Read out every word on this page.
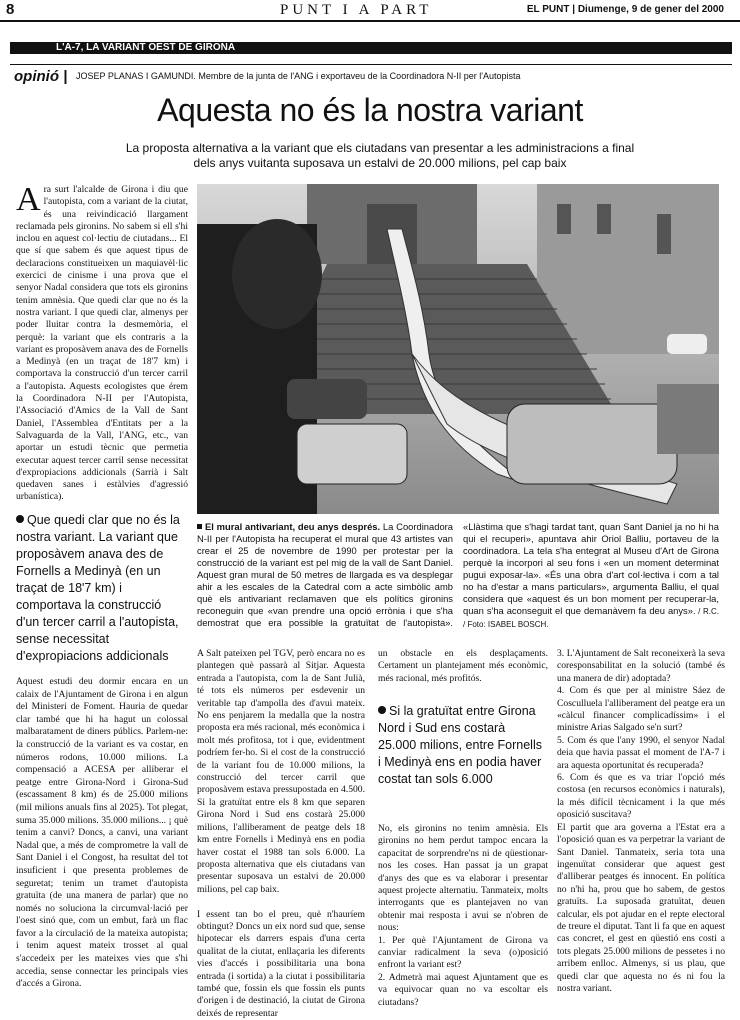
8	PUNT I A PART	EL PUNT | Diumenge, 9 de gener del 2000
L'A-7, LA VARIANT OEST DE GIRONA
opinió | JOSEP PLANAS I GAMUNDI. Membre de la junta de l'ANG i exportaveu de la Coordinadora N-II per l'Autopista
Aquesta no és la nostra variant
La proposta alternativa a la variant que els ciutadans van presentar a les administracions a final dels anys vuitanta suposava un estalvi de 20.000 milions, pel cap baix

Ara surt l'alcalde de Girona i diu que l'autopista, com a variant de la ciutat, és una reivindicació llargament reclamada pels gironins. No sabem si ell s'hi inclou en aquest col·lectiu de ciutadans... El que sí que sabem és que aquest tipus de declaracions constitueixen un maquiavèl·lic exercici de cinisme i una prova que el senyor Nadal considera que tots els gironins tenim amnèsia. Que quedi clar que no és la nostra variant. I que quedi clar, almenys per poder lluitar contra la desmemòria, el perquè: la variant que els contraris a la variant es proposàvem anava des de Fornells a Medinyà (en un traçat de 18'7 km) i comportava la construcció d'un tercer carril a l'autopista. Aquests ecologistes que érem la Coordinadora N-II per l'Autopista, l'Associació d'Amics de la Vall de Sant Daniel, l'Assemblea d'Entitats per a la Salvaguarda de la Vall, l'ANG, etc., van aportar un estudi tècnic que permetia executar aquest tercer carril sense necessitat d'expropiacions addicionals (Sarrià i Salt quedaven sanes i estàlvies d'agressió urbanística).

Que quedi clar que no és la nostra variant. La variant que proposàvem anava des de Fornells a Medinyà (en un traçat de 18'7 km) i comportava la construcció d'un tercer carril a l'autopista, sense necessitat d'expropiacions addicionals

Aquest estudi deu dormir encara en un calaix de l'Ajuntament de Girona i en algun del Ministeri de Foment. Hauria de quedar clar també que hi ha hagut un colossal malbaratament de diners públics. Parlem-ne: la construcció de la variant es va costar, en números rodons, 10.000 milions. La compensació a ACESA per alliberar el peatge entre Girona-Nord i Girona-Sud (escassament 8 km) és de 25.000 milions (mil milions anuals fins al 2025). Tot plegat, suma 35.000 milions. 35.000 milions... ¡ què tenim a canvi? Doncs, a canvi, una variant Nadal que, a més de comprometre la vall de Sant Daniel i el Congost, ha resultat del tot insuficient i que presenta problemes de seguretat; tenim un tramet d'autopista gratuïta (de una manera de parlar) que no només no soluciona la circumval·lació per l'oest sinó que, com un embut, farà un flac favor a la circulació de la mateixa autopista; i tenim aquest mateix trosset al qual s'accedeix per les mateixes vies que s'hi accedia, sense connectar les principals vies d'accés a Girona.

El mural antivariant, deu anys després. La Coordinadora N-II per l'Autopista ha recuperat el mural que 43 artistes van crear el 25 de novembre de 1990 per protestar per la construcció de la variant est pel mig de la vall de Sant Daniel. Aquest gran mural de 50 metres de llargada es va desplegar ahir a les escales de la Catedral com a acte simbòlic amb què els antivariant reclamaven que els polítics gironins reconeguin que «van prendre una opció errònia i que s'ha demostrat que era possible la gratuïtat de l'autopista». «Llàstima que s'hagi tardat tant, quan Sant Daniel ja no hi ha qui el recuperi», apuntava ahir Oriol Balliu, portaveu de la coordinadora. La tela s'ha entegrat al Museu d'Art de Girona perquè la incorpori al seu fons i «en un moment determinat pugui exposar-la». «És una obra d'art col·lectiva i com a tal no ha d'estar a mans particulars», argumenta Balliu, el qual considera que «aquest és un bon moment per recuperar-la, quan s'ha aconseguit el que demanàvem fa deu anys». / R.C. / Foto: ISABEL BOSCH.

A Salt pateixen pel TGV, però encara no es plantegen què passarà al Sitjar. Aquesta entrada a l'autopista, com la de Sant Julià, té tots els números per esdevenir un veritable tap d'ampolla des d'avui mateix. No ens penjarem la medalla que la nostra proposta era més racional, més econòmica i molt més profitosa, tot i que, evidentment podríem fer-ho. Si el cost de la construcció de la variant fou de 10.000 milions, la construcció del tercer carril que proposàvem estava pressupostada en 4.500. Si la gratuïtat entre els 8 km que separen Girona Nord i Sud ens costarà 25.000 milions, l'alliberament de peatge dels 18 km entre Fornells i Medinyà ens en podia haver costat el 1988 tan sols 6.000. La proposta alternativa que els ciutadans van presentar suposava un estalvi de 20.000 milions, pel cap baix.

I essent tan bo el preu, què n'hauríem obtingut? Doncs un eix nord sud que, sense hipotecar els darrers espais d'una certa qualitat de la ciutat, enllaçaria les diferents vies d'accés i possibilitaria una bona entrada (i sortida) a la ciutat i possibilitaria també que, fossin els que fossin els punts d'origen i de destinació, la ciutat de Girona deixés de representar

un obstacle en els desplaçaments. Certament un plantejament més econòmic, més racional, més profitós.

Si la gratuïtat entre Girona Nord i Sud ens costarà 25.000 milions, entre Fornells i Medinyà ens en podia haver costat tan sols 6.000

No, els gironins no tenim amnèsia. Els gironins no hem perdut tampoc encara la capacitat de sorprendre'ns ni de qüestionar-nos les coses. Han passat ja un grapat d'anys des que es va elaborar i presentar aquest projecte alternatiu. Tanmateix, molts interrogants que es plantejaven no van obtenir mai resposta i avui se n'obren de nous:
1. Per què l'Ajuntament de Girona va canviar radicalment la seva (o)posició enfront la variant est?
2. Admetrà mai aquest Ajuntament que es va equivocar quan no va escoltar els ciutadans?

3. L'Ajuntament de Salt reconeixerà la seva coresponsabilitat en la solució (també és una manera de dir) adoptada?
4. Com és que per al ministre Sáez de Cosculluela l'alliberament del peatge era un «càlcul financer complicadíssim» i el ministre Arias Salgado se'n surt?
5. Com és que l'any 1990, el senyor Nadal deia que havia passat el moment de l'A-7 i ara aquesta oportunitat és recuperada?
6. Com és que es va triar l'opció més costosa (en recursos econòmics i naturals), la més difícil tècnicament i la que més oposició suscitava?
El partit que ara governa a l'Estat era a l'oposició quan es va perpetrar la variant de Sant Daniel. Tanmateix, seria tota una ingenuïtat considerar que aquest gest d'alliberar peatges és innocent. En política no n'hi ha, prou que ho sabem, de gestos gratuïts. La suposada gratuïtat, deuen calcular, els pot ajudar en el repte electoral de treure el diputat. Tant li fa que en aquest cas concret, el gest en qüestió ens costi a tots plegats 25.000 milions de pessetes i no arribem enlloc. Almenys, si us plau, que quedi clar que aquesta no és ni fou la nostra variant.
